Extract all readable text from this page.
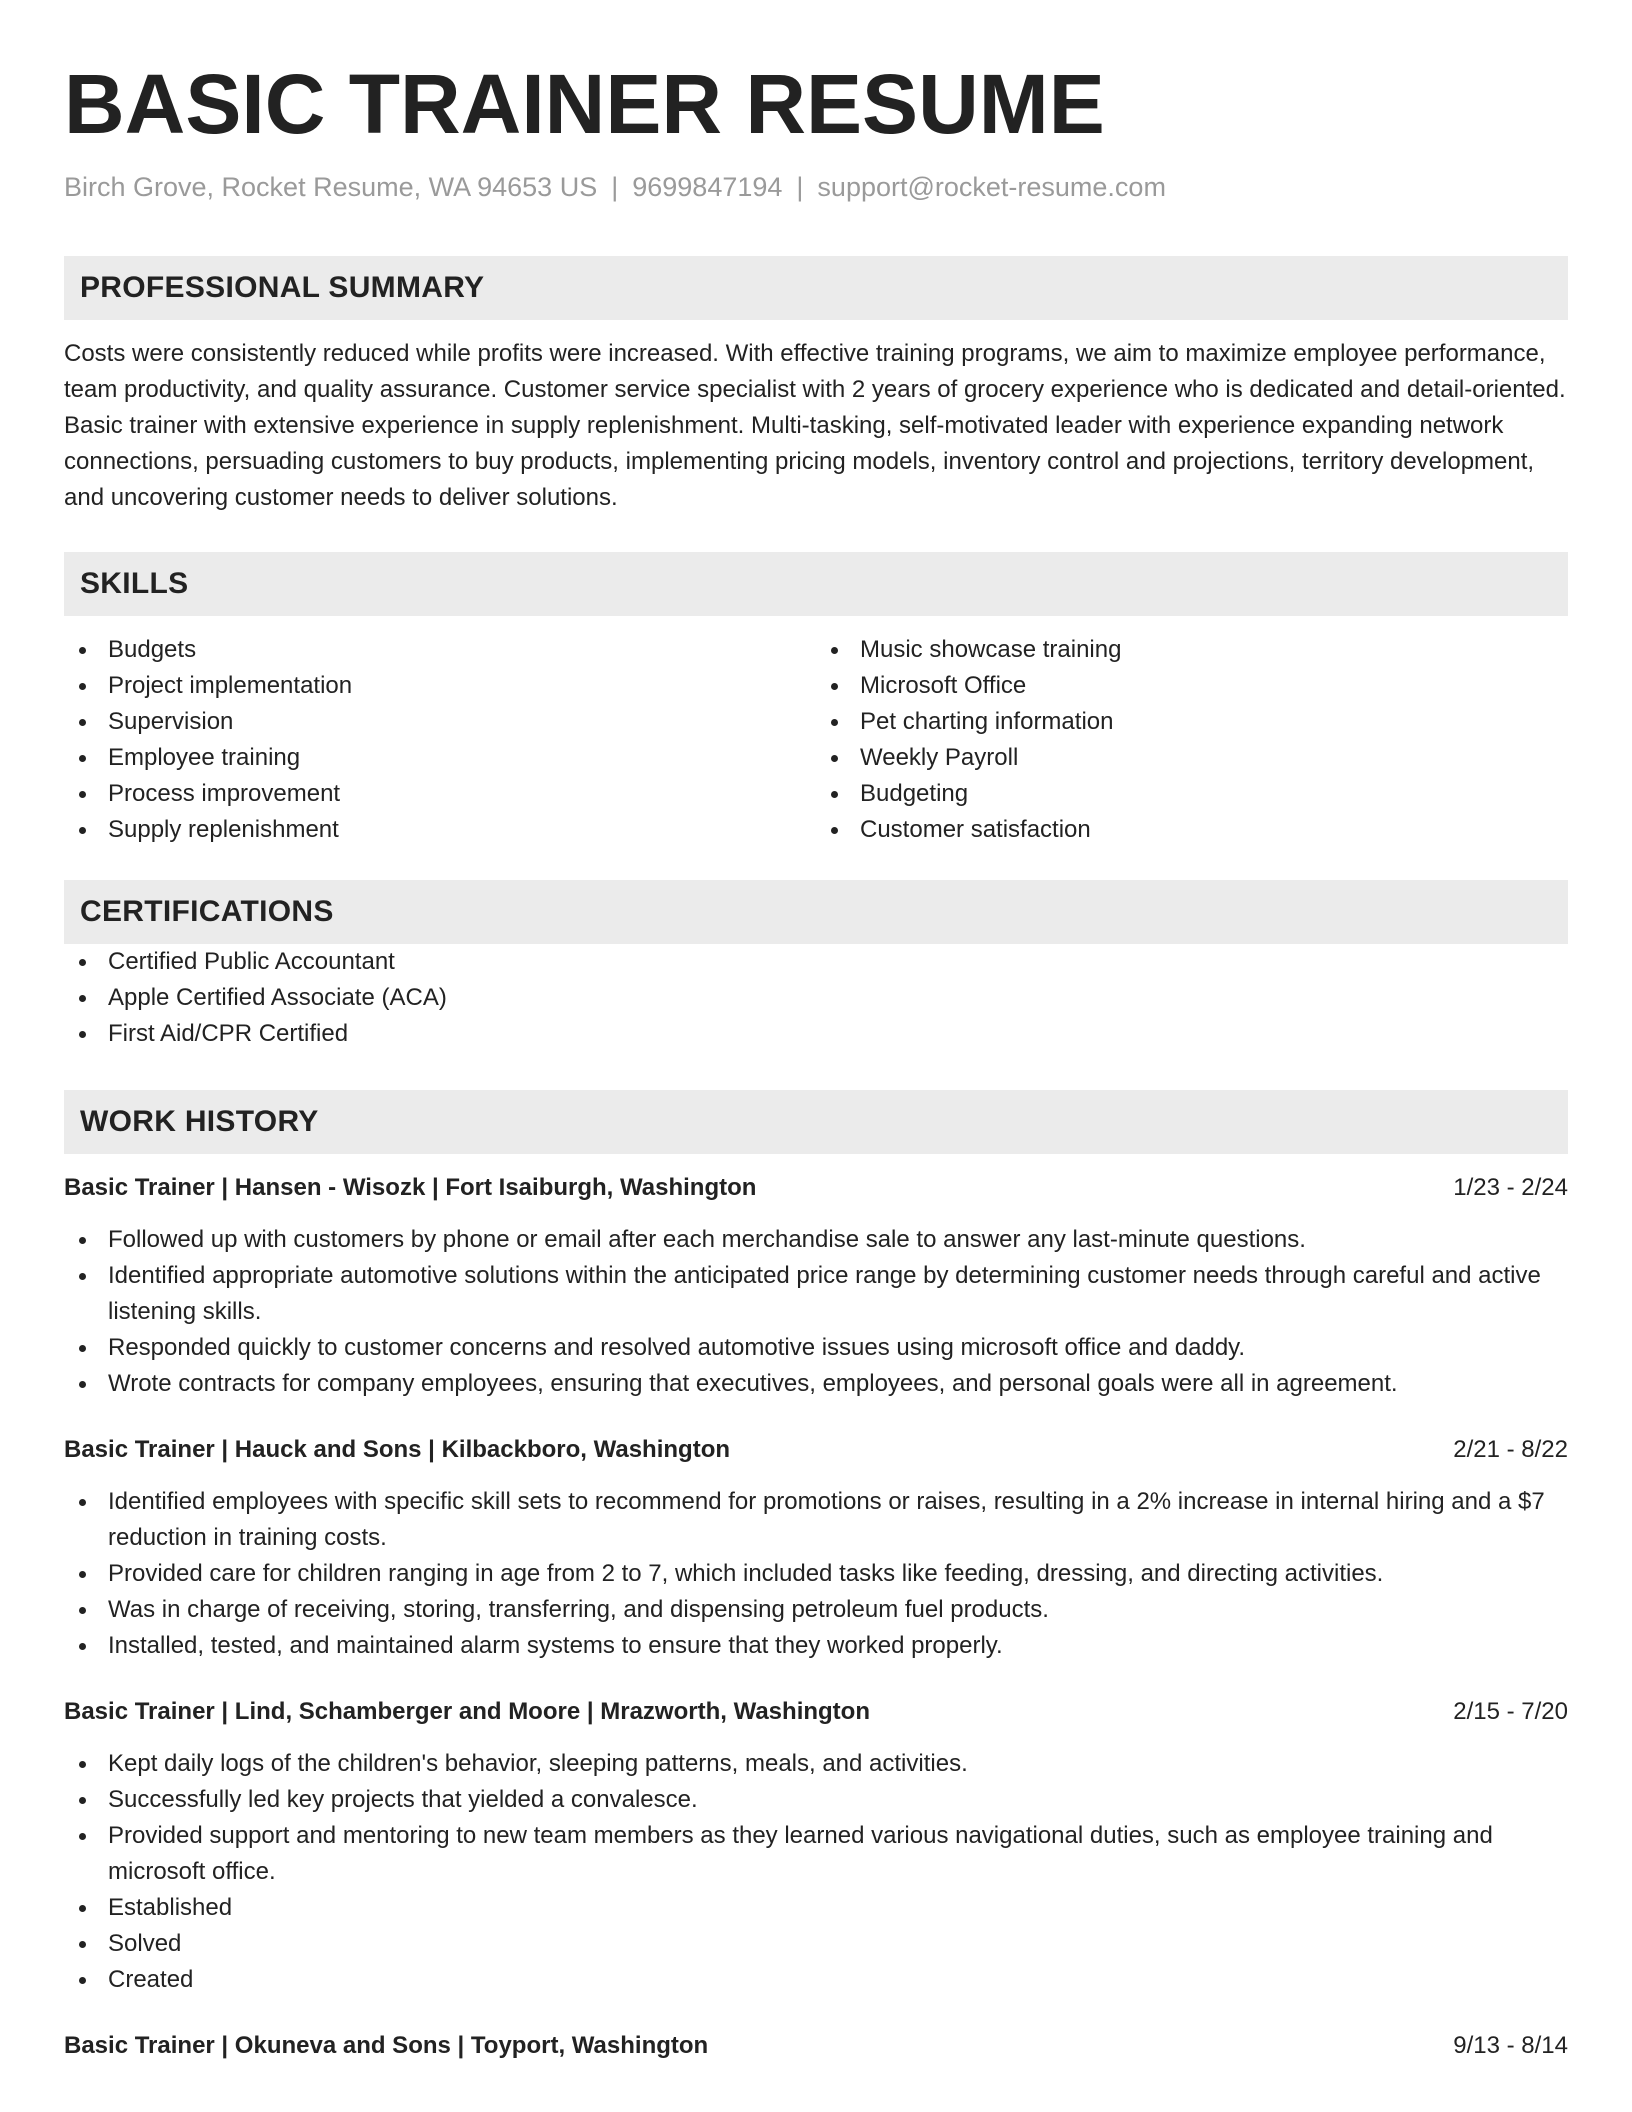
BASIC TRAINER RESUME
Birch Grove, Rocket Resume, WA 94653 US | 9699847194 | support@rocket-resume.com
PROFESSIONAL SUMMARY
Costs were consistently reduced while profits were increased. With effective training programs, we aim to maximize employee performance, team productivity, and quality assurance. Customer service specialist with 2 years of grocery experience who is dedicated and detail-oriented. Basic trainer with extensive experience in supply replenishment. Multi-tasking, self-motivated leader with experience expanding network connections, persuading customers to buy products, implementing pricing models, inventory control and projections, territory development, and uncovering customer needs to deliver solutions.
SKILLS
Budgets
Project implementation
Supervision
Employee training
Process improvement
Supply replenishment
Music showcase training
Microsoft Office
Pet charting information
Weekly Payroll
Budgeting
Customer satisfaction
CERTIFICATIONS
Certified Public Accountant
Apple Certified Associate (ACA)
First Aid/CPR Certified
WORK HISTORY
Basic Trainer | Hansen - Wisozk | Fort Isaiburgh, Washington	1/23 - 2/24
Followed up with customers by phone or email after each merchandise sale to answer any last-minute questions.
Identified appropriate automotive solutions within the anticipated price range by determining customer needs through careful and active listening skills.
Responded quickly to customer concerns and resolved automotive issues using microsoft office and daddy.
Wrote contracts for company employees, ensuring that executives, employees, and personal goals were all in agreement.
Basic Trainer | Hauck and Sons | Kilbackboro, Washington	2/21 - 8/22
Identified employees with specific skill sets to recommend for promotions or raises, resulting in a 2% increase in internal hiring and a $7 reduction in training costs.
Provided care for children ranging in age from 2 to 7, which included tasks like feeding, dressing, and directing activities.
Was in charge of receiving, storing, transferring, and dispensing petroleum fuel products.
Installed, tested, and maintained alarm systems to ensure that they worked properly.
Basic Trainer | Lind, Schamberger and Moore | Mrazworth, Washington	2/15 - 7/20
Kept daily logs of the children's behavior, sleeping patterns, meals, and activities.
Successfully led key projects that yielded a convalesce.
Provided support and mentoring to new team members as they learned various navigational duties, such as employee training and microsoft office.
Established
Solved
Created
Basic Trainer | Okuneva and Sons | Toyport, Washington	9/13 - 8/14
